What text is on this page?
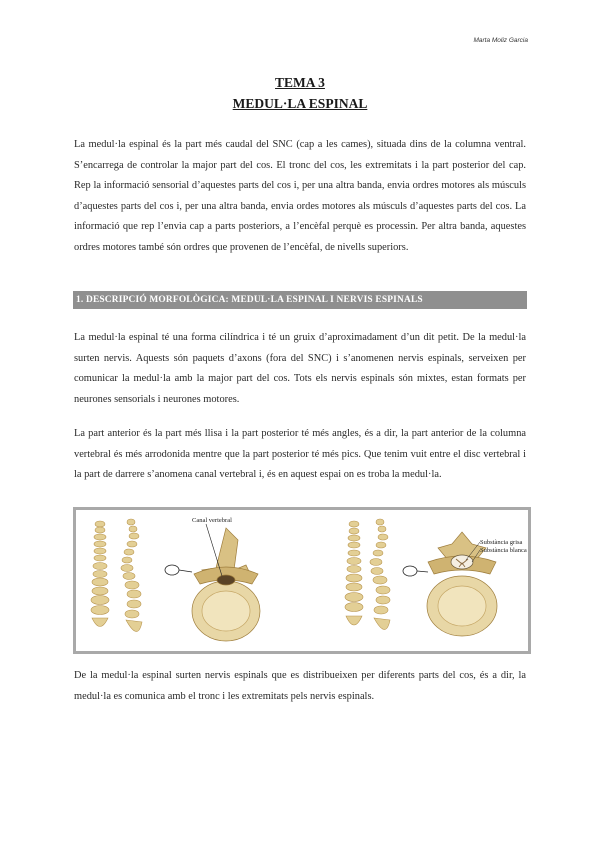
Marta Moliz Garcia
TEMA 3
MEDUL·LA ESPINAL

La medul·la espinal és la part més caudal del SNC (cap a les cames), situada dins de la columna ventral. S’encarrega de controlar la major part del cos. El tronc del cos, les extremitats i la part posterior del cap. Rep la informació sensorial d’aquestes parts del cos i, per una altra banda, envia ordres motores als músculs d’aquestes parts del cos i, per una altra banda, envia ordes motores als músculs d’aquestes parts del cos. La informació que rep l’envia cap a parts posteriors, a l’encèfal perquè es processin. Per altra banda, aquestes ordres motores també són ordres que provenen de l’encèfal, de nivells superiors.

1. DESCRIPCIÓ MORFOLÒGICA: MEDUL·LA ESPINAL I NERVIS ESPINALS

La medul·la espinal té una forma cilíndrica i té un gruix d’aproximadament d’un dit petit. De la medul·la surten nervis. Aquests són paquets d’axons (fora del SNC) i s’anomenen nervis espinals, serveixen per comunicar la medul·la amb la major part del cos. Tots els nervis espinals són mixtes, estan formats per neurones sensorials i neurones motores.

La part anterior és la part més llisa i la part posterior té més angles, és a dir, la part anterior de la columna vertebral és més arrodonida mentre que la part posterior té més pics. Que tenim vuit entre el disc vertebral i la part de darrere s’anomena canal vertebral i, és en aquest espai on es troba la medul·la.

Canal vertebral
Substància grisa
Substància blanca

De la medul·la espinal surten nervis espinals que es distribueixen per diferents parts del cos, és a dir, la medul·la es comunica amb el tronc i les extremitats pels nervis espinals.
